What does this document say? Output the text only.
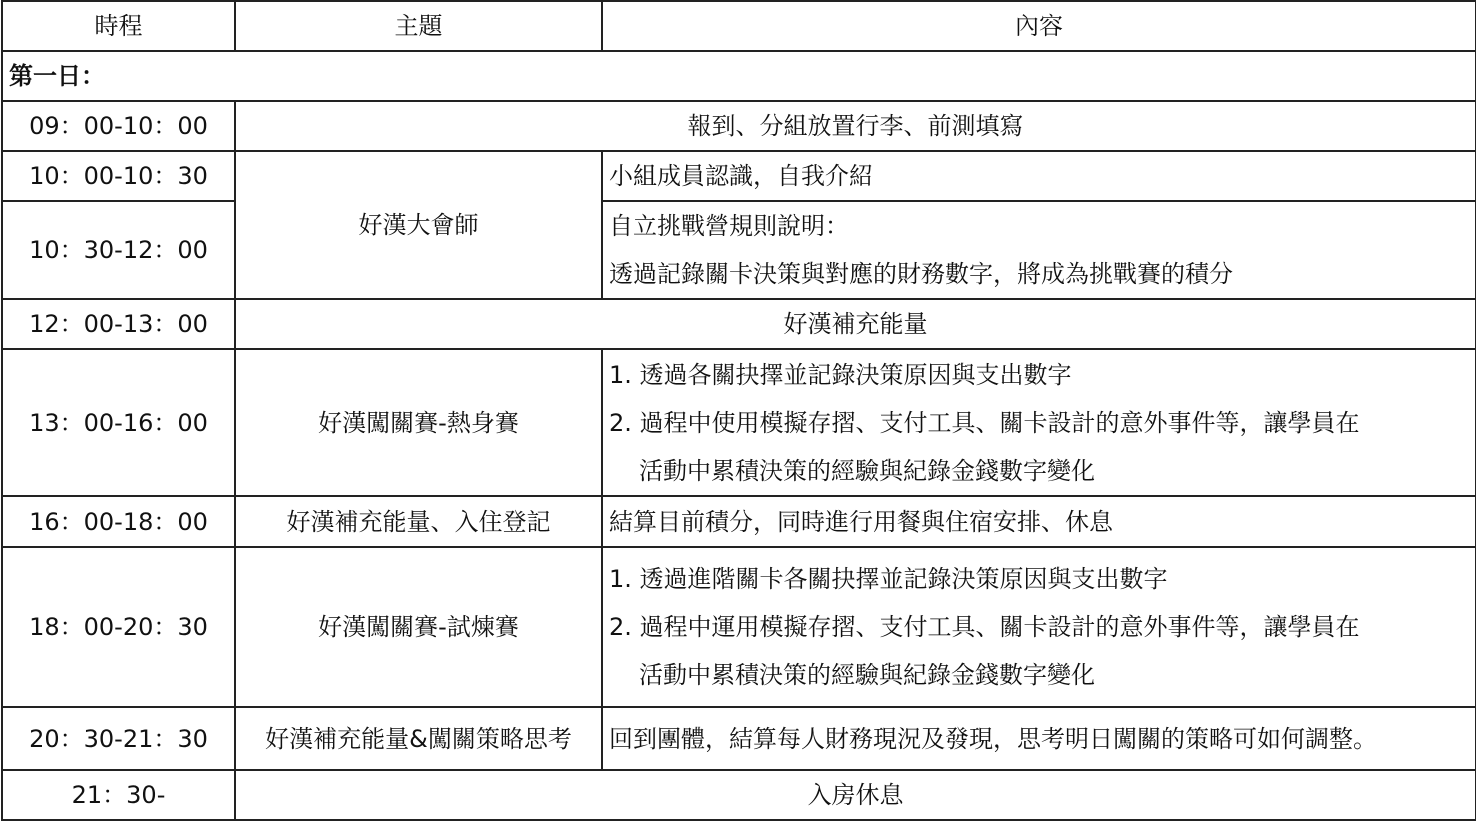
時程	主題	內容
第一日：		
09：00-10：00	報到、分組放置行李、前測填寫	
10：00-10：30	好漢大會師	小組成員認識，自我介紹
10：30-12：00		自立挑戰營規則說明：
透過記錄關卡決策與對應的財務數字，將成為挑戰賽的積分

12：00-13：00	好漢補充能量	
13：00-16：00	好漢闖關賽-熱身賽	1. 透過各關抉擇並記錄決策原因與支出數字
2. 過程中使用模擬存摺、支付工具、關卡設計的意外事件等，讓學員在
活動中累積決策的經驗與紀錄金錢數字變化

16：00-18：00	好漢補充能量、入住登記	結算目前積分，同時進行用餐與住宿安排、休息
18：00-20：30	好漢闖關賽-試煉賽	1. 透過進階關卡各關抉擇並記錄決策原因與支出數字
2. 過程中運用模擬存摺、支付工具、關卡設計的意外事件等，讓學員在
活動中累積決策的經驗與紀錄金錢數字變化

20：30-21：30	好漢補充能量&闖關策略思考	回到團體，結算每人財務現況及發現，思考明日闖關的策略可如何調整。
21：30-	入房休息	
